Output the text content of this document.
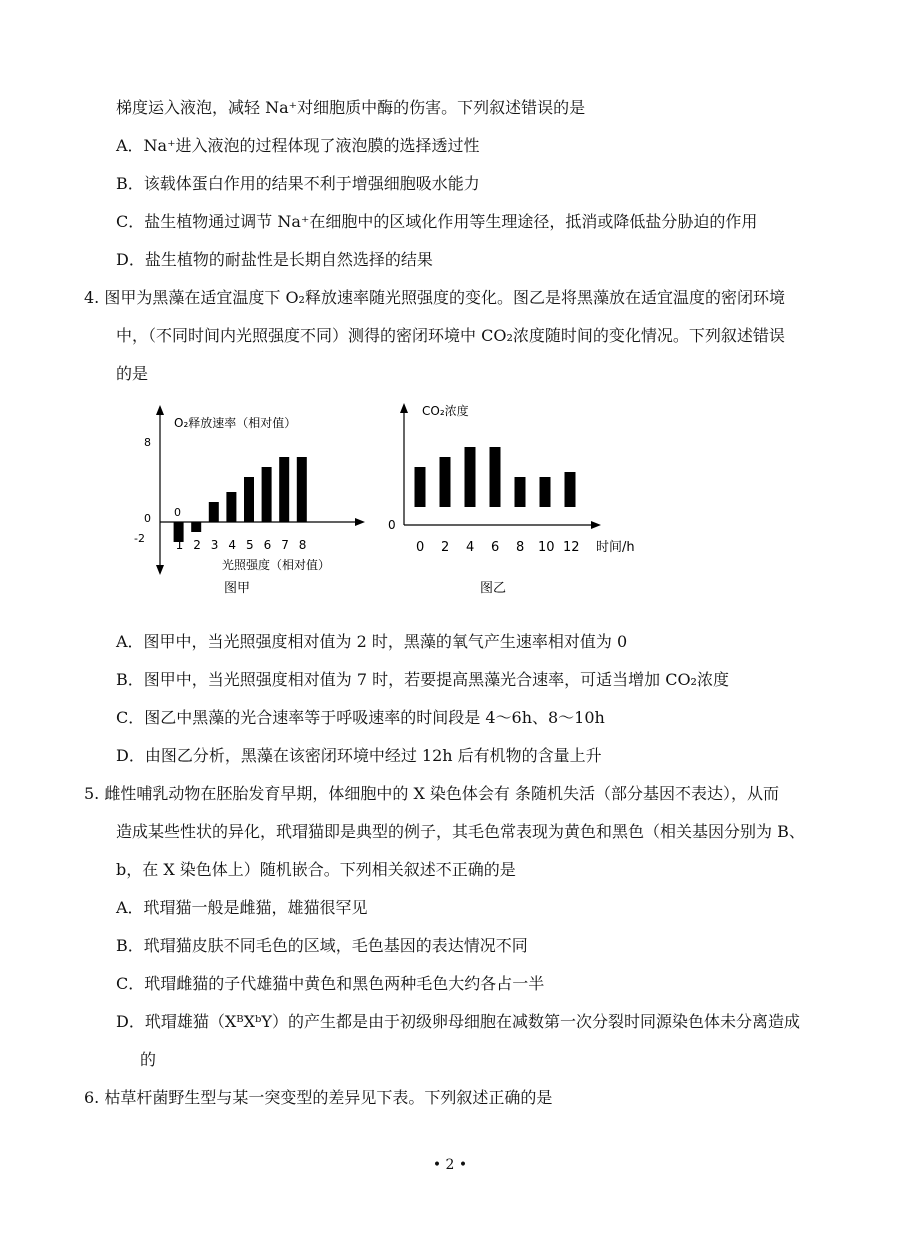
梯度运入液泡，减轻 Na⁺对细胞质中酶的伤害。下列叙述错误的是
A．Na⁺进入液泡的过程体现了液泡膜的选择透过性
B．该载体蛋白作用的结果不利于增强细胞吸水能力
C．盐生植物通过调节 Na⁺在细胞中的区域化作用等生理途径，抵消或降低盐分胁迫的作用
D．盐生植物的耐盐性是长期自然选择的结果
4. 图甲为黑藻在适宜温度下 O₂释放速率随光照强度的变化。图乙是将黑藻放在适宜温度的密闭环境
中，（不同时间内光照强度不同）测得的密闭环境中 CO₂浓度随时间的变化情况。下列叙述错误
的是
O₂释放速率（相对值）
光照强度（相对值）
图甲
8
0
-2
0
1 2 3 4 5 6 7 8
CO₂浓度
时间/h
图乙
0
0 2 4 6 8 10 12
A．图甲中，当光照强度相对值为 2 时，黑藻的氧气产生速率相对值为 0
B．图甲中，当光照强度相对值为 7 时，若要提高黑藻光合速率，可适当增加 CO₂浓度
C．图乙中黑藻的光合速率等于呼吸速率的时间段是 4～6h、8～10h
D．由图乙分析，黑藻在该密闭环境中经过 12h 后有机物的含量上升
5. 雌性哺乳动物在胚胎发育早期，体细胞中的 X 染色体会有 条随机失活（部分基因不表达），从而
造成某些性状的异化，玳瑁猫即是典型的例子，其毛色常表现为黄色和黑色（相关基因分别为 B、
b，在 X 染色体上）随机嵌合。下列相关叙述不正确的是
A．玳瑁猫一般是雌猫，雄猫很罕见
B．玳瑁猫皮肤不同毛色的区域，毛色基因的表达情况不同
C．玳瑁雌猫的子代雄猫中黄色和黑色两种毛色大约各占一半
D．玳瑁雄猫（XᴮXᵇY）的产生都是由于初级卵母细胞在减数第一次分裂时同源染色体未分离造成
的
6. 枯草杆菌野生型与某一突变型的差异见下表。下列叙述正确的是
• 2 •
